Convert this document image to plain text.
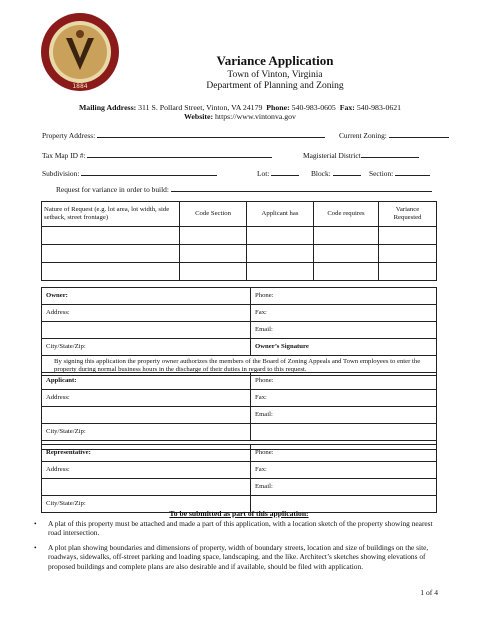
1884
Variance Application
Town of Vinton, Virginia
Department of Planning and Zoning
Mailing Address: 311 S. Pollard Street, Vinton, VA 24179 Phone: 540-983-0605 Fax: 540-983-0621
Website: https://www.vintonva.gov
Property Address:	Current Zoning:
Tax Map ID #:	Magisterial District
Subdivision:	Lot:	Block:	Section:
Request for variance in order to build:
Nature of Request (e.g. lot area, lot width, side setback, street frontage)	Code Section	Applicant has	Code requires	Variance Requested

Owner:	Phone:
Address:	Fax:
	Email:
City/State/Zip:	Owner’s Signature
By signing this application the property owner authorizes the members of the Board of Zoning Appeals and Town employees to enter the property during normal business hours in the discharge of their duties in regard to this request.	
Applicant:	Phone:
Address:	Fax:
	Email:
City/State/Zip:	

Representative:	Phone:
Address:	Fax:
	Email:
City/State/Zip:	
To be submitted as part of this application:
• A plat of this property must be attached and made a part of this application, with a location sketch of the property showing nearest road intersection.
• A plot plan showing boundaries and dimensions of property, width of boundary streets, location and size of buildings on the site, roadways, sidewalks, off-street parking and loading space, landscaping, and the like. Architect’s sketches showing elevations of proposed buildings and complete plans are also desirable and if available, should be filed with application.
1 of 4
